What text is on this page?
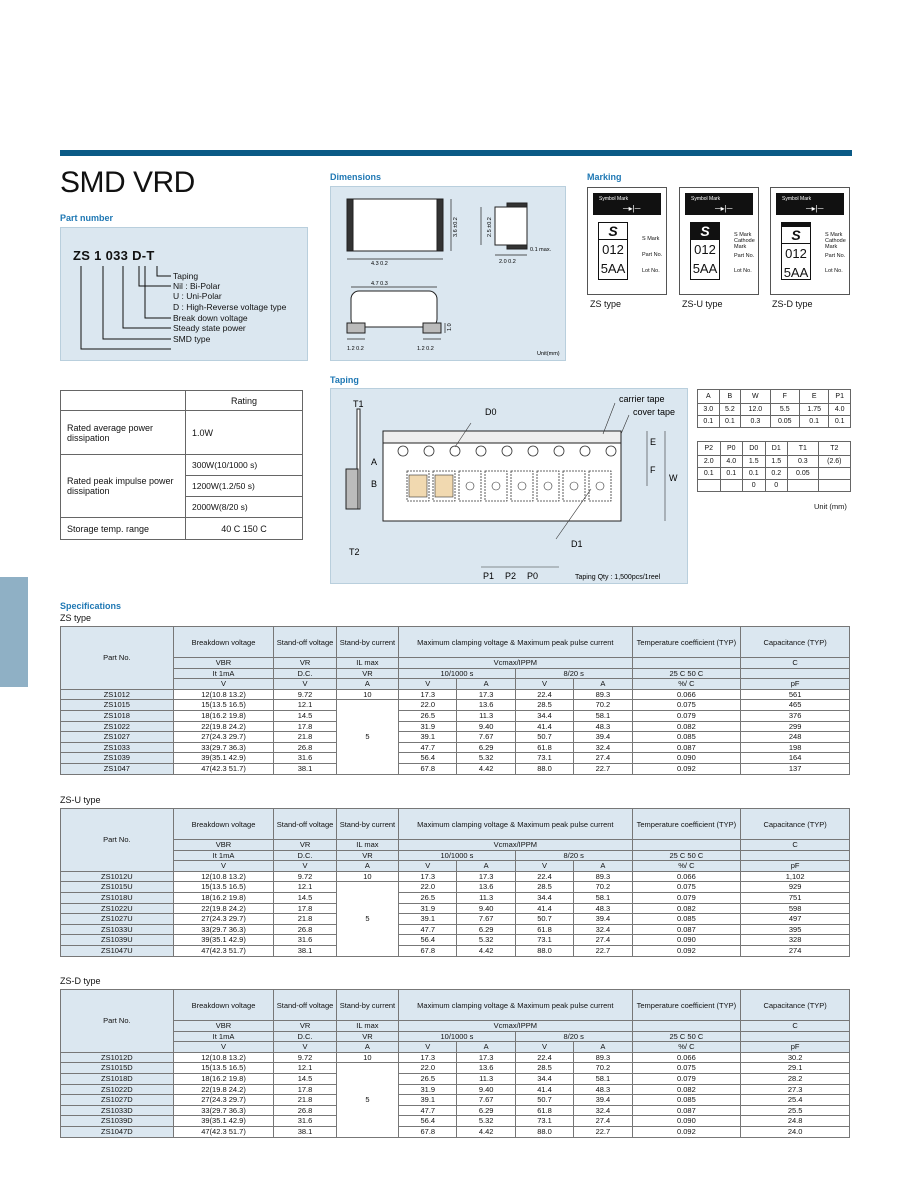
SMD VRD
Part number
ZS 1 033 D-T
Taping
Nil : Bi-Polar
U : Uni-Polar
D : High-Reverse voltage type
Break down voltage
Steady state power
SMD type
Dimensions
4.3 0.2
3.6 ±0.2	2.5 ±0.2
2.0 0.2
0.1 max.
4.7 0.3
1.0
1.2 0.2	1.2 0.2
Unit(mm)
Marking
Symbol Mark
─▸|─
S
012
5AA
S Mark
Part No.
Lot No.
ZS type
Symbol Mark
─▸|─
S
012
5AA
S Mark
Cathode
Mark
Part No.
Lot No.
ZS-U type
Symbol Mark
─▸|─
S
012
5AA
S Mark
Cathode
Mark
Part No.
Lot No.
ZS-D type
	Rating
Rated average power dissipation	1.0W
Rated peak impulse power dissipation	300W(10/1000 s)
	1200W(1.2/50 s)
	2000W(8/20 s)
Storage temp. range	40 C 150 C
Taping
T1
D0
carrier tape
cover tape
A
B
E
F
W
T2
D1
P1 P2 P0	Taping Qty : 1,500pcs/1reel
A	B	W	F	E	P1
3.0	5.2	12.0	5.5	1.75	4.0
0.1	0.1	0.3	0.05	0.1	0.1
P2	P0	D0	D1	T1	T2
2.0	4.0	1.5	1.5	0.3	(2.6)
0.1	0.1	0.1	0.2	0.05	
		0	0		
Unit (mm)
Specifications
ZS type
Part No.	Breakdown voltage	Stand-off voltage	Stand-by current	Maximum clamping voltage & Maximum peak pulse current				Temperature coefficient (TYP)	Capacitance (TYP)
	VBR	VR	IL max	Vcmax/IPPM					C
	It 1mA	D.C.	VR	10/1000 s		8/20 s		25 C 50 C	
	V	V	A	V	A	V	A	%/ C	pF
ZS1012	12(10.8 13.2)	9.72	10	17.3	17.3	22.4	89.3	0.066	561
ZS1015	15(13.5 16.5)	12.1	5	22.0	13.6	28.5	70.2	0.075	465
ZS1018	18(16.2 19.8)	14.5		26.5	11.3	34.4	58.1	0.079	376
ZS1022	22(19.8 24.2)	17.8		31.9	9.40	41.4	48.3	0.082	299
ZS1027	27(24.3 29.7)	21.8		39.1	7.67	50.7	39.4	0.085	248
ZS1033	33(29.7 36.3)	26.8		47.7	6.29	61.8	32.4	0.087	198
ZS1039	39(35.1 42.9)	31.6		56.4	5.32	73.1	27.4	0.090	164
ZS1047	47(42.3 51.7)	38.1		67.8	4.42	88.0	22.7	0.092	137
ZS-U type
Part No.	Breakdown voltage	Stand-off voltage	Stand-by current	Maximum clamping voltage & Maximum peak pulse current				Temperature coefficient (TYP)	Capacitance (TYP)
	VBR	VR	IL max	Vcmax/IPPM					C
	It 1mA	D.C.	VR	10/1000 s		8/20 s		25 C 50 C	
	V	V	A	V	A	V	A	%/ C	pF
ZS1012U	12(10.8 13.2)	9.72	10	17.3	17.3	22.4	89.3	0.066	1,102
ZS1015U	15(13.5 16.5)	12.1	5	22.0	13.6	28.5	70.2	0.075	929
ZS1018U	18(16.2 19.8)	14.5		26.5	11.3	34.4	58.1	0.079	751
ZS1022U	22(19.8 24.2)	17.8		31.9	9.40	41.4	48.3	0.082	598
ZS1027U	27(24.3 29.7)	21.8		39.1	7.67	50.7	39.4	0.085	497
ZS1033U	33(29.7 36.3)	26.8		47.7	6.29	61.8	32.4	0.087	395
ZS1039U	39(35.1 42.9)	31.6		56.4	5.32	73.1	27.4	0.090	328
ZS1047U	47(42.3 51.7)	38.1		67.8	4.42	88.0	22.7	0.092	274
ZS-D type
Part No.	Breakdown voltage	Stand-off voltage	Stand-by current	Maximum clamping voltage & Maximum peak pulse current				Temperature coefficient (TYP)	Capacitance (TYP)
	VBR	VR	IL max	Vcmax/IPPM					C
	It 1mA	D.C.	VR	10/1000 s		8/20 s		25 C 50 C	
	V	V	A	V	A	V	A	%/ C	pF
ZS1012D	12(10.8 13.2)	9.72	10	17.3	17.3	22.4	89.3	0.066	30.2
ZS1015D	15(13.5 16.5)	12.1	5	22.0	13.6	28.5	70.2	0.075	29.1
ZS1018D	18(16.2 19.8)	14.5		26.5	11.3	34.4	58.1	0.079	28.2
ZS1022D	22(19.8 24.2)	17.8		31.9	9.40	41.4	48.3	0.082	27.3
ZS1027D	27(24.3 29.7)	21.8		39.1	7.67	50.7	39.4	0.085	25.4
ZS1033D	33(29.7 36.3)	26.8		47.7	6.29	61.8	32.4	0.087	25.5
ZS1039D	39(35.1 42.9)	31.6		56.4	5.32	73.1	27.4	0.090	24.8
ZS1047D	47(42.3 51.7)	38.1		67.8	4.42	88.0	22.7	0.092	24.0
